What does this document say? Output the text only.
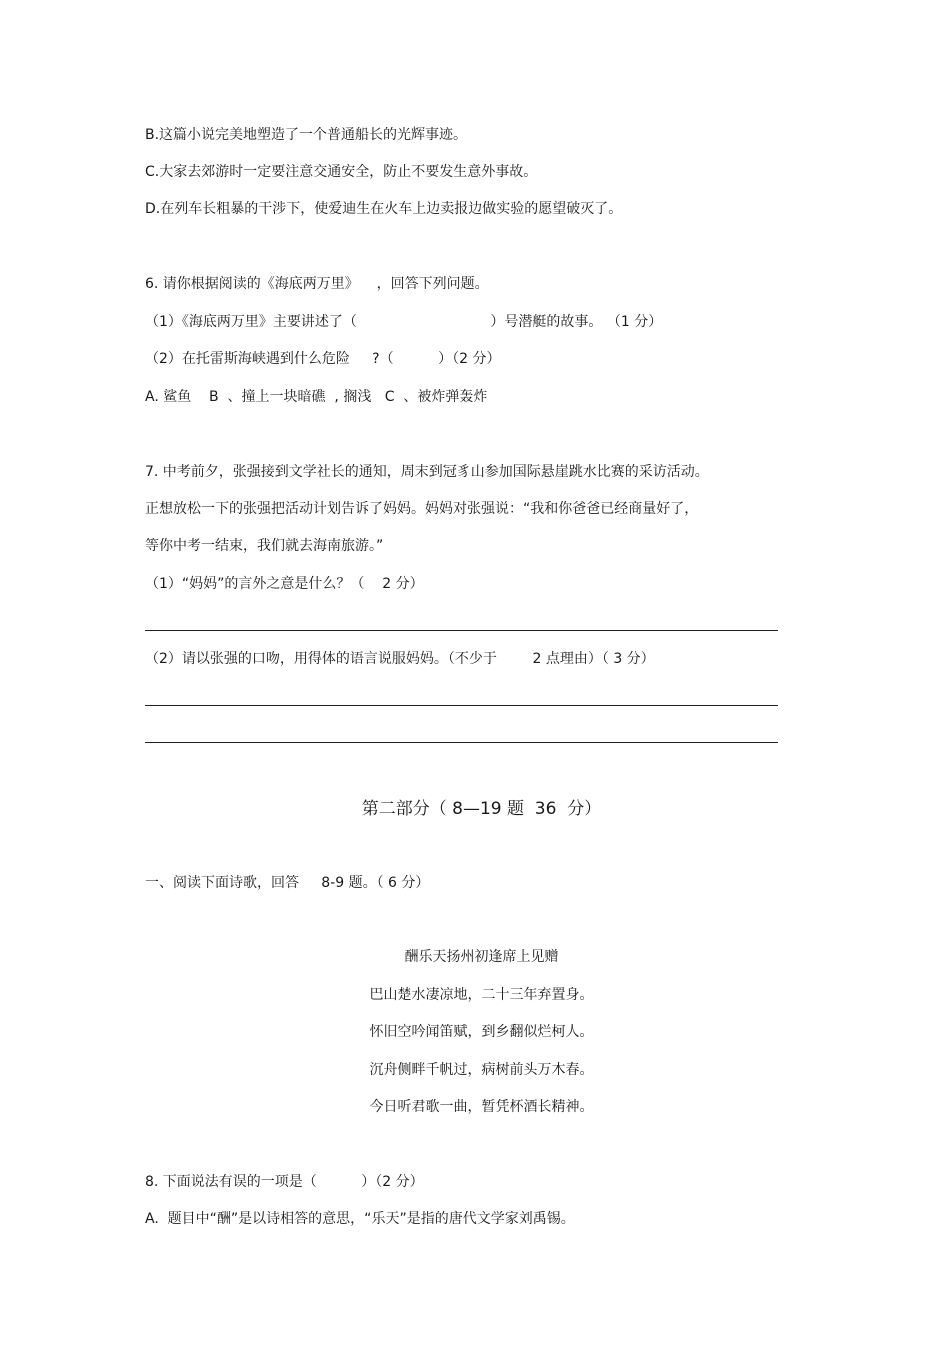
B.这篇小说完美地塑造了一个普通船长的光辉事迹。
C.大家去郊游时一定要注意交通安全，防止不要发生意外事故。
D.在列车长粗暴的干涉下，使爱迪生在火车上边卖报边做实验的愿望破灭了。
6. 请你根据阅读的《海底两万里》    ，回答下列问题。
（1）《海底两万里》主要讲述了（                              ）号潜艇的故事。 （1 分）
（2）在托雷斯海峡遇到什么危险     ?（          ）（2 分）
A. 鲨鱼    B  、撞上一块暗礁  , 搁浅   C  、被炸弹轰炸
7. 中考前夕，张强接到文学社长的通知，周末到冠豸山参加国际悬崖跳水比赛的采访活动。
正想放松一下的张强把活动计划告诉了妈妈。妈妈对张强说：“我和你爸爸已经商量好了，
等你中考一结束，我们就去海南旅游。”
（1）“妈妈”的言外之意是什么？（    2 分）
（2）请以张强的口吻，用得体的语言说服妈妈。（不少于        2 点理由）（ 3 分）
第二部分（ 8—19 题  36  分）
一、阅读下面诗歌，回答     8-9 题。（ 6 分）
酬乐天扬州初逢席上见赠
巴山楚水凄凉地，二十三年弃置身。
怀旧空吟闻笛赋，到乡翻似烂柯人。
沉舟侧畔千帆过，病树前头万木春。
今日听君歌一曲，暂凭杯酒长精神。
8. 下面说法有误的一项是（          ）（2 分）
A.  题目中“酬”是以诗相答的意思，“乐天”是指的唐代文学家刘禹锡。
